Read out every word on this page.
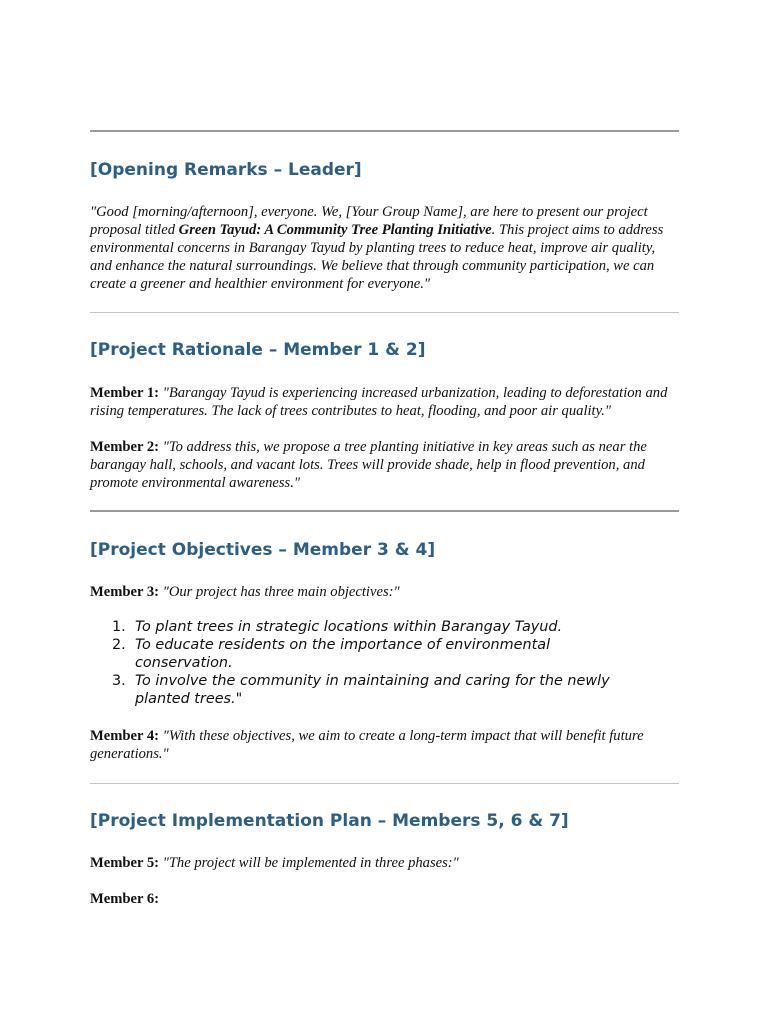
[Opening Remarks – Leader]

"Good [morning/afternoon], everyone. We, [Your Group Name], are here to present our project proposal titled Green Tayud: A Community Tree Planting Initiative. This project aims to address environmental concerns in Barangay Tayud by planting trees to reduce heat, improve air quality, and enhance the natural surroundings. We believe that through community participation, we can create a greener and healthier environment for everyone."

[Project Rationale – Member 1 & 2]

Member 1: "Barangay Tayud is experiencing increased urbanization, leading to deforestation and rising temperatures. The lack of trees contributes to heat, flooding, and poor air quality."

Member 2: "To address this, we propose a tree planting initiative in key areas such as near the barangay hall, schools, and vacant lots. Trees will provide shade, help in flood prevention, and promote environmental awareness."

[Project Objectives – Member 3 & 4]

Member 3: "Our project has three main objectives:"

1. To plant trees in strategic locations within Barangay Tayud.
2. To educate residents on the importance of environmental conservation.
3. To involve the community in maintaining and caring for the newly planted trees."

Member 4: "With these objectives, we aim to create a long-term impact that will benefit future generations."

[Project Implementation Plan – Members 5, 6 & 7]

Member 5: "The project will be implemented in three phases:"

Member 6:
